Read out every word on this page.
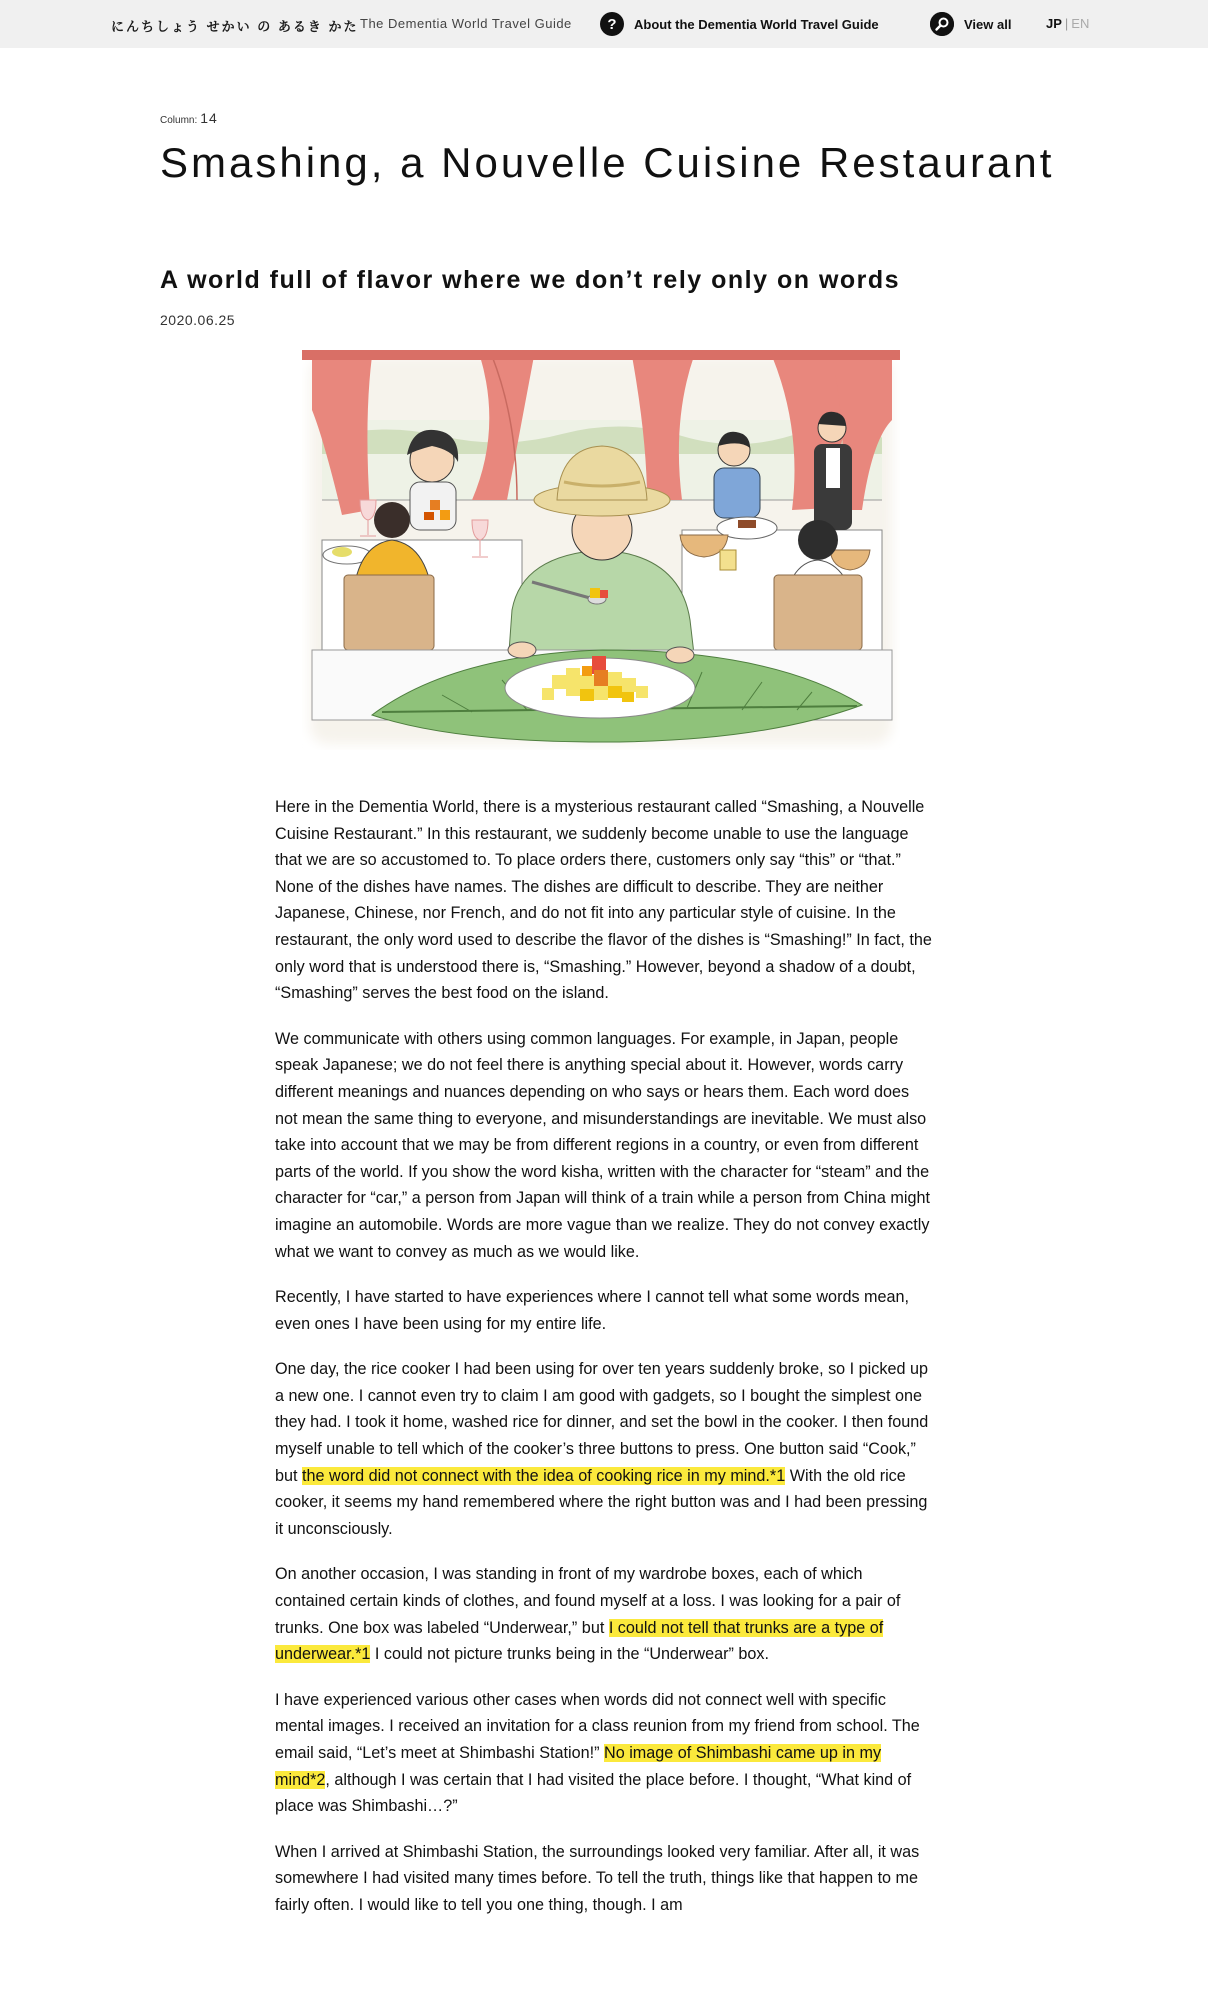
にんちしょう せかい の あるき かた The Dementia World Travel Guide	?	About the Dementia World Travel Guide	View all	JP | EN
Column: 14
Smashing, a Nouvelle Cuisine Restaurant
A world full of flavor where we don’t rely only on words
2020.06.25

Here in the Dementia World, there is a mysterious restaurant called “Smashing, a Nouvelle Cuisine Restaurant.” In this restaurant, we suddenly become unable to use the language that we are so accustomed to. To place orders there, customers only say “this” or “that.” None of the dishes have names. The dishes are difficult to describe. They are neither Japanese, Chinese, nor French, and do not fit into any particular style of cuisine. In the restaurant, the only word used to describe the flavor of the dishes is “Smashing!” In fact, the only word that is understood there is, “Smashing.” However, beyond a shadow of a doubt, “Smashing” serves the best food on the island.

We communicate with others using common languages. For example, in Japan, people speak Japanese; we do not feel there is anything special about it. However, words carry different meanings and nuances depending on who says or hears them. Each word does not mean the same thing to everyone, and misunderstandings are inevitable. We must also take into account that we may be from different regions in a country, or even from different parts of the world. If you show the word kisha, written with the character for “steam” and the character for “car,” a person from Japan will think of a train while a person from China might imagine an automobile. Words are more vague than we realize. They do not convey exactly what we want to convey as much as we would like.

Recently, I have started to have experiences where I cannot tell what some words mean, even ones I have been using for my entire life.

One day, the rice cooker I had been using for over ten years suddenly broke, so I picked up a new one. I cannot even try to claim I am good with gadgets, so I bought the simplest one they had. I took it home, washed rice for dinner, and set the bowl in the cooker. I then found myself unable to tell which of the cooker’s three buttons to press. One button said “Cook,” but the word did not connect with the idea of cooking rice in my mind.*1 With the old rice cooker, it seems my hand remembered where the right button was and I had been pressing it unconsciously.

On another occasion, I was standing in front of my wardrobe boxes, each of which contained certain kinds of clothes, and found myself at a loss. I was looking for a pair of trunks. One box was labeled “Underwear,” but I could not tell that trunks are a type of underwear.*1 I could not picture trunks being in the “Underwear” box.

I have experienced various other cases when words did not connect well with specific mental images. I received an invitation for a class reunion from my friend from school. The email said, “Let’s meet at Shimbashi Station!” No image of Shimbashi came up in my mind*2, although I was certain that I had visited the place before. I thought, “What kind of place was Shimbashi…?”

When I arrived at Shimbashi Station, the surroundings looked very familiar. After all, it was somewhere I had visited many times before. To tell the truth, things like that happen to me fairly often. I would like to tell you one thing, though. I am
